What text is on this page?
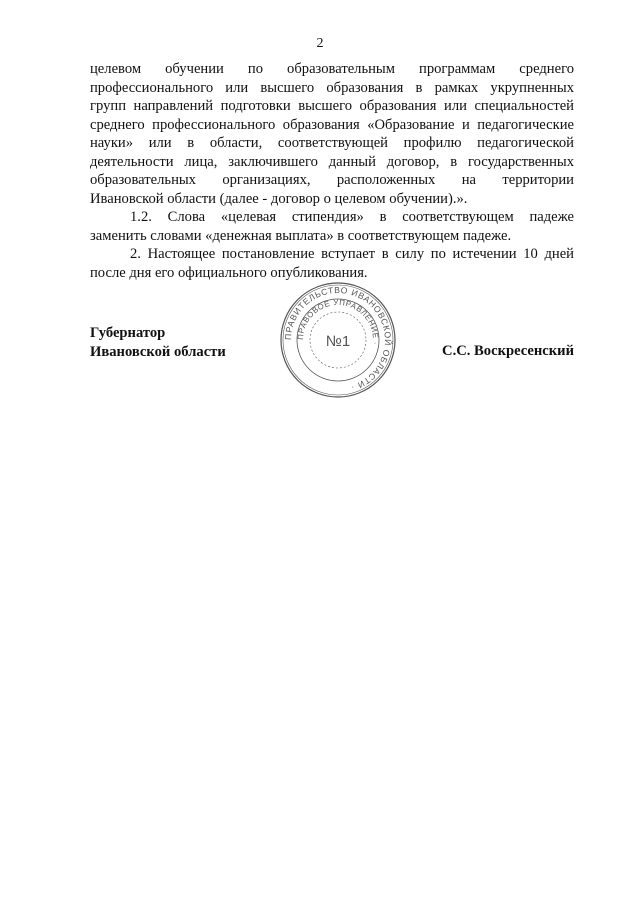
2

целевом обучении по образовательным программам среднего

профессионального или высшего образования в рамках укрупненных

групп направлений подготовки высшего образования или специальностей

среднего профессионального образования «Образование и педагогические

науки» или в области, соответствующей профилю педагогической

деятельности лица, заключившего данный договор, в государственных

образовательных организациях, расположенных на территории

Ивановской области (далее - договор о целевом обучении).».

1.2. Слова «целевая стипендия» в соответствующем падеже

заменить словами «денежная выплата» в соответствующем падеже.

2. Настоящее постановление вступает в силу по истечении 10 дней

после дня его официального опубликования.

Губернатор
Ивановской области	С.С. Воскресенский
ПРАВИТЕЛЬСТВО ИВАНОВСКОЙ ОБЛАСТИ ·
ПРАВОВОЕ УПРАВЛЕНИЕ ·
№1
